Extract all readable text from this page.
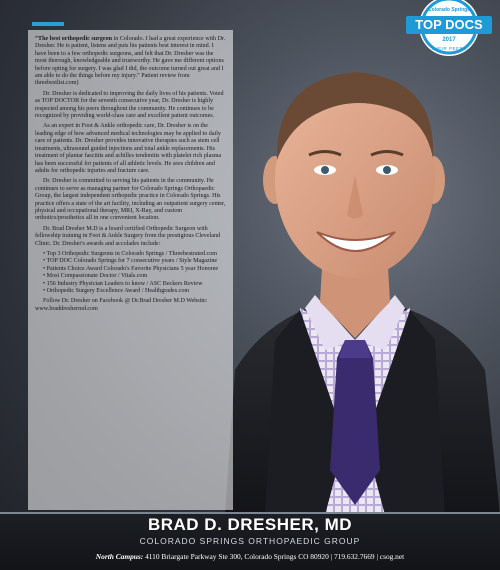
Colorado Springs
TOP DOCS
2017
THEIR PEERS

“The best orthopedic surgeon in Colorado. I had a great experience with Dr. Dresher. He is patient, listens and puts his patients best interest in mind. I have been to a few orthopedic surgeons, and felt that Dr. Dresher was the most thorough, knowledgeable and trustworthy. He gave me different options before opting for surgery. I was glad I did, the outcome turned out great and I am able to do the things before my injury.” Patient review from threebestlist.com)

Dr. Dresher is dedicated to improving the daily lives of his patients. Voted as TOP DOCTOR for the seventh consecutive year, Dr. Dresher is highly respected among his peers throughout the community. He continues to be recognized by providing world-class care and excellent patient outcomes.

As an expert in Foot & Ankle orthopedic care, Dr. Dresher is on the leading edge of how advanced medical technologies may be applied to daily care of patients. Dr. Dresher provides innovative therapies such as stem cell treatments, ultrasound guided injections and total ankle replacements. His treatment of plantar fasciitis and achilles tendonitis with platelet rich plasma has been successful for patients of all athletic levels. He sees children and adults for orthopedic injuries and fracture care.

Dr. Dresher is committed to serving his patients in the community. He continues to serve as managing partner for Colorado Springs Orthopaedic Group, the largest independent orthopedic practice in Colorado Springs. His practice offers a state of the art facility, including an outpatient surgery center, physical and occupational therapy, MRI, X-Ray, and custom orthotics/prosthetics all in one convenient location.

Dr. Brad Dresher M.D is a board certified Orthopedic Surgeon with fellowship training in Foot & Ankle Surgery from the prestigious Cleveland Clinic. Dr. Dresher's awards and accolades include:

• Top 3 Orthopedic Surgeons in Colorado Springs / Threebestrated.com
• TOP DOC Colorado Springs for 7 consecutive years / Style Magazine
• Patients Choice Award Colorado's Favorite Physicians 5 year Honoree
• Most Compassionate Doctor / Vitals.com
• 156 Industry Physician Leaders to know / ASC Beckers Review
• Orthopedic Surgery Excellence Award / Healthgrades.com

Follow Dr. Dresher on Facebook @ Dr.Brad Dresher M.D Website: www.braddreshermd.com

BRAD D. DRESHER, MD
COLORADO SPRINGS ORTHOPAEDIC GROUP
North Campus: 4110 Briargate Parkway Ste 300, Colorado Springs CO 80920 | 719.632.7669 | csog.net
